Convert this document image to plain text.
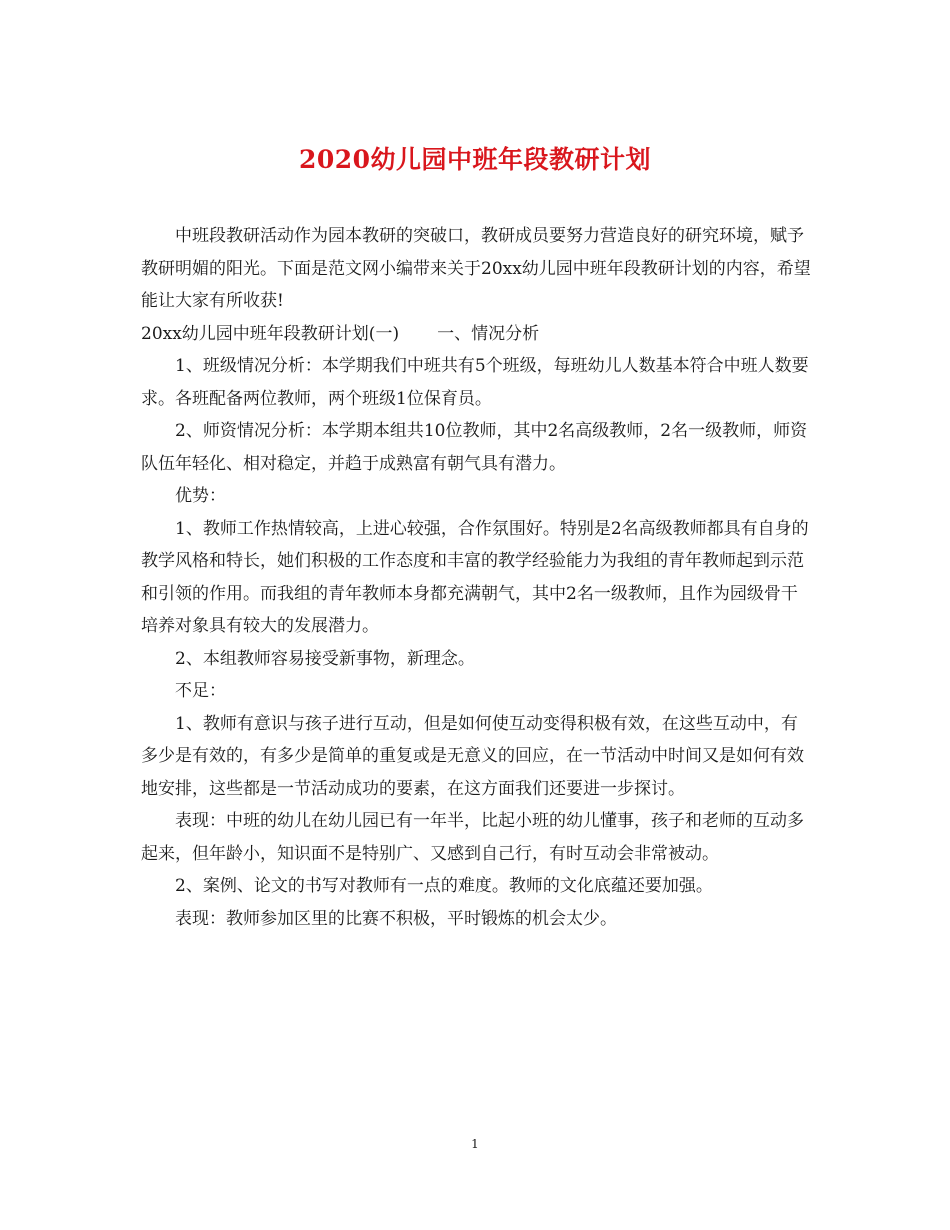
2020幼儿园中班年段教研计划

中班段教研活动作为园本教研的突破口，教研成员要努力营造良好的研究环境，赋予教研明媚的阳光。下面是范文网小编带来关于20xx幼儿园中班年段教研计划的内容，希望能让大家有所收获!

20xx幼儿园中班年段教研计划(一) 一、情况分析

1、班级情况分析：本学期我们中班共有5个班级，每班幼儿人数基本符合中班人数要求。各班配备两位教师，两个班级1位保育员。

2、师资情况分析：本学期本组共10位教师，其中2名高级教师，2名一级教师，师资队伍年轻化、相对稳定，并趋于成熟富有朝气具有潜力。

优势：

1、教师工作热情较高，上进心较强，合作氛围好。特别是2名高级教师都具有自身的教学风格和特长，她们积极的工作态度和丰富的教学经验能力为我组的青年教师起到示范和引领的作用。而我组的青年教师本身都充满朝气，其中2名一级教师，且作为园级骨干培养对象具有较大的发展潜力。

2、本组教师容易接受新事物，新理念。

不足：

1、教师有意识与孩子进行互动，但是如何使互动变得积极有效，在这些互动中，有多少是有效的，有多少是简单的重复或是无意义的回应，在一节活动中时间又是如何有效地安排，这些都是一节活动成功的要素，在这方面我们还要进一步探讨。

表现：中班的幼儿在幼儿园已有一年半，比起小班的幼儿懂事，孩子和老师的互动多起来，但年龄小，知识面不是特别广、又感到自己行，有时互动会非常被动。

2、案例、论文的书写对教师有一点的难度。教师的文化底蕴还要加强。

表现：教师参加区里的比赛不积极，平时锻炼的机会太少。

1
